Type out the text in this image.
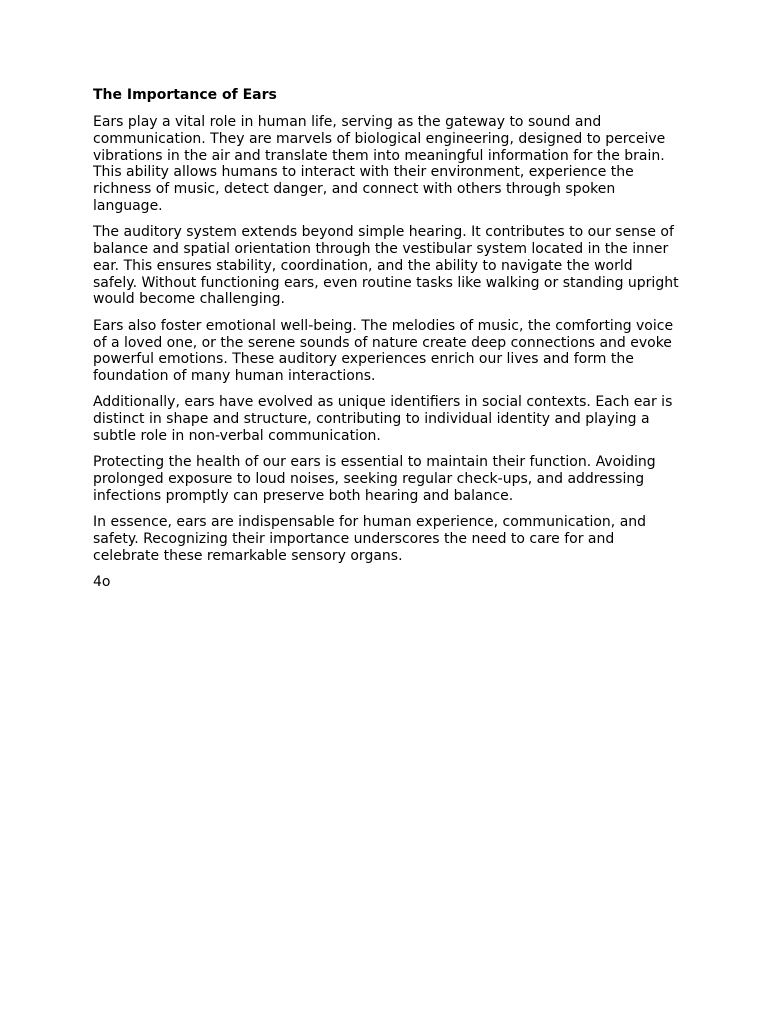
The Importance of Ears

Ears play a vital role in human life, serving as the gateway to sound and communication. They are marvels of biological engineering, designed to perceive vibrations in the air and translate them into meaningful information for the brain. This ability allows humans to interact with their environment, experience the richness of music, detect danger, and connect with others through spoken language.

The auditory system extends beyond simple hearing. It contributes to our sense of balance and spatial orientation through the vestibular system located in the inner ear. This ensures stability, coordination, and the ability to navigate the world safely. Without functioning ears, even routine tasks like walking or standing upright would become challenging.

Ears also foster emotional well-being. The melodies of music, the comforting voice of a loved one, or the serene sounds of nature create deep connections and evoke powerful emotions. These auditory experiences enrich our lives and form the foundation of many human interactions.

Additionally, ears have evolved as unique identifiers in social contexts. Each ear is distinct in shape and structure, contributing to individual identity and playing a subtle role in non-verbal communication.

Protecting the health of our ears is essential to maintain their function. Avoiding prolonged exposure to loud noises, seeking regular check-ups, and addressing infections promptly can preserve both hearing and balance.

In essence, ears are indispensable for human experience, communication, and safety. Recognizing their importance underscores the need to care for and celebrate these remarkable sensory organs.

4o
